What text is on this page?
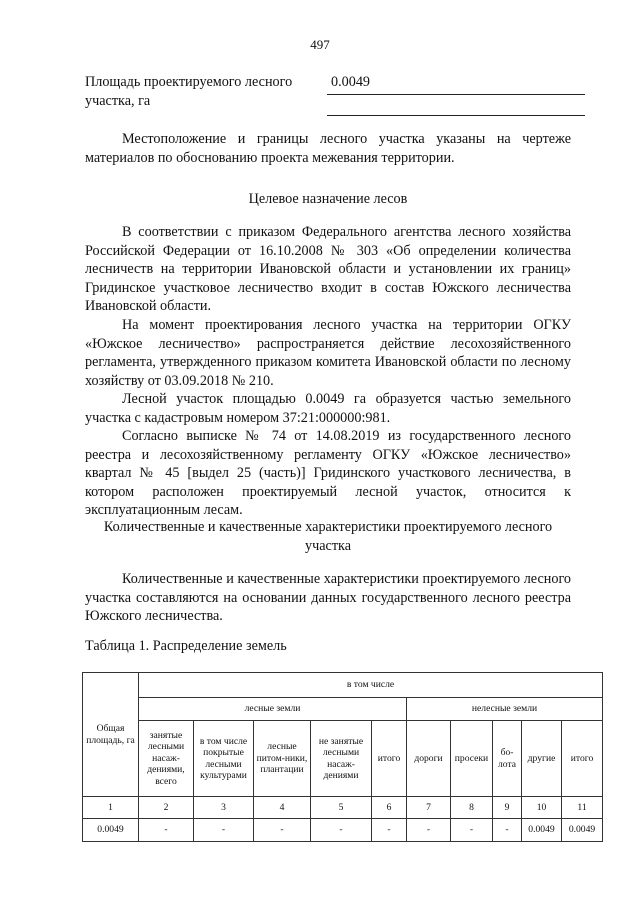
497
Площадь проектируемого лесного участка, га
0.0049

Местоположение и границы лесного участка указаны на чертеже материалов по обоснованию проекта межевания территории.

Целевое назначение лесов

В соответствии с приказом Федерального агентства лесного хозяйства Российской Федерации от 16.10.2008 № 303 «Об определении количества лесничеств на территории Ивановской области и установлении их границ» Гридинское участковое лесничество входит в состав Южского лесничества Ивановской области.

На момент проектирования лесного участка на территории ОГКУ «Южское лесничество» распространяется действие лесохозяйственного регламента, утвержденного приказом комитета Ивановской области по лесному хозяйству от 03.09.2018 № 210.

Лесной участок площадью 0.0049 га образуется частью земельного участка с кадастровым номером 37:21:000000:981.

Согласно выписке № 74 от 14.08.2019 из государственного лесного реестра и лесохозяйственному регламенту ОГКУ «Южское лесничество» квартал № 45 [выдел 25 (часть)] Гридинского участкового лесничества, в котором расположен проектируемый лесной участок, относится к эксплуатационным лесам.

Количественные и качественные характеристики проектируемого лесного участка

Количественные и качественные характеристики проектируемого лесного участка составляются на основании данных государственного лесного реестра Южского лесничества.

Таблица 1. Распределение земель
Общая площадь, га	в том числе									
	лесные земли					нелесные земли				
	занятые лесными насаж-дениями, всего	в том числе покрытые лесными культурами	лесные питом-ники, плантации	не занятые лесными насаж-дениями	итого	дороги	просеки	бо-лота	другие	итого
1	2	3	4	5	6	7	8	9	10	11
0.0049	-	-	-	-	-	-	-	-	0.0049	0.0049
